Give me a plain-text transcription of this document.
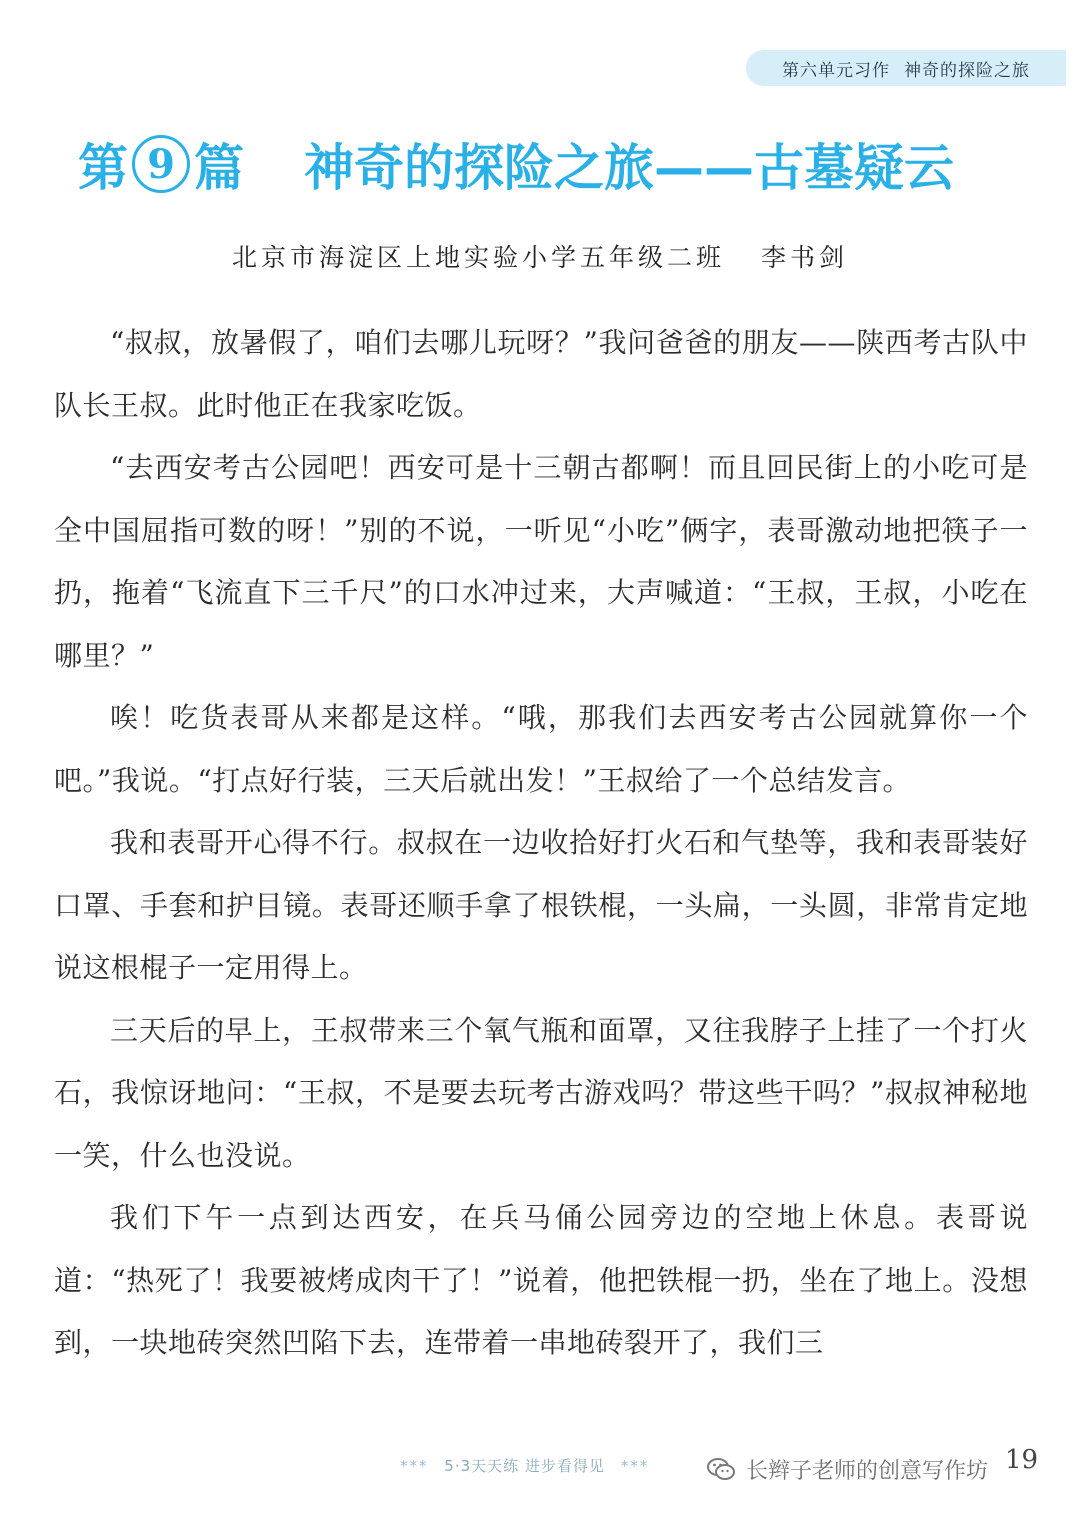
第六单元习作 神奇的探险之旅
第 9 篇 神奇的探险之旅——古墓疑云
北京市海淀区上地实验小学五年级二班 李书剑

“叔叔，放暑假了，咱们去哪儿玩呀？”我问爸爸的朋友——陕西考古队中队长王叔。此时他正在我家吃饭。

“去西安考古公园吧！西安可是十三朝古都啊！而且回民街上的小吃可是全中国屈指可数的呀！”别的不说，一听见“小吃”俩字，表哥激动地把筷子一扔，拖着“飞流直下三千尺”的口水冲过来，大声喊道：“王叔，王叔，小吃在哪里？”

唉！吃货表哥从来都是这样。“哦，那我们去西安考古公园就算你一个吧。”我说。“打点好行装，三天后就出发！”王叔给了一个总结发言。

我和表哥开心得不行。叔叔在一边收拾好打火石和气垫等，我和表哥装好口罩、手套和护目镜。表哥还顺手拿了根铁棍，一头扁，一头圆，非常肯定地说这根棍子一定用得上。

三天后的早上，王叔带来三个氧气瓶和面罩，又往我脖子上挂了一个打火石，我惊讶地问：“王叔，不是要去玩考古游戏吗？带这些干吗？”叔叔神秘地一笑，什么也没说。

我们下午一点到达西安，在兵马俑公园旁边的空地上休息。表哥说道：“热死了！我要被烤成肉干了！”说着，他把铁棍一扔，坐在了地上。没想到，一块地砖突然凹陷下去，连带着一串地砖裂开了，我们三

*** 5·3天天练 进步看得见 ***	19
长辫子老师的创意写作坊
